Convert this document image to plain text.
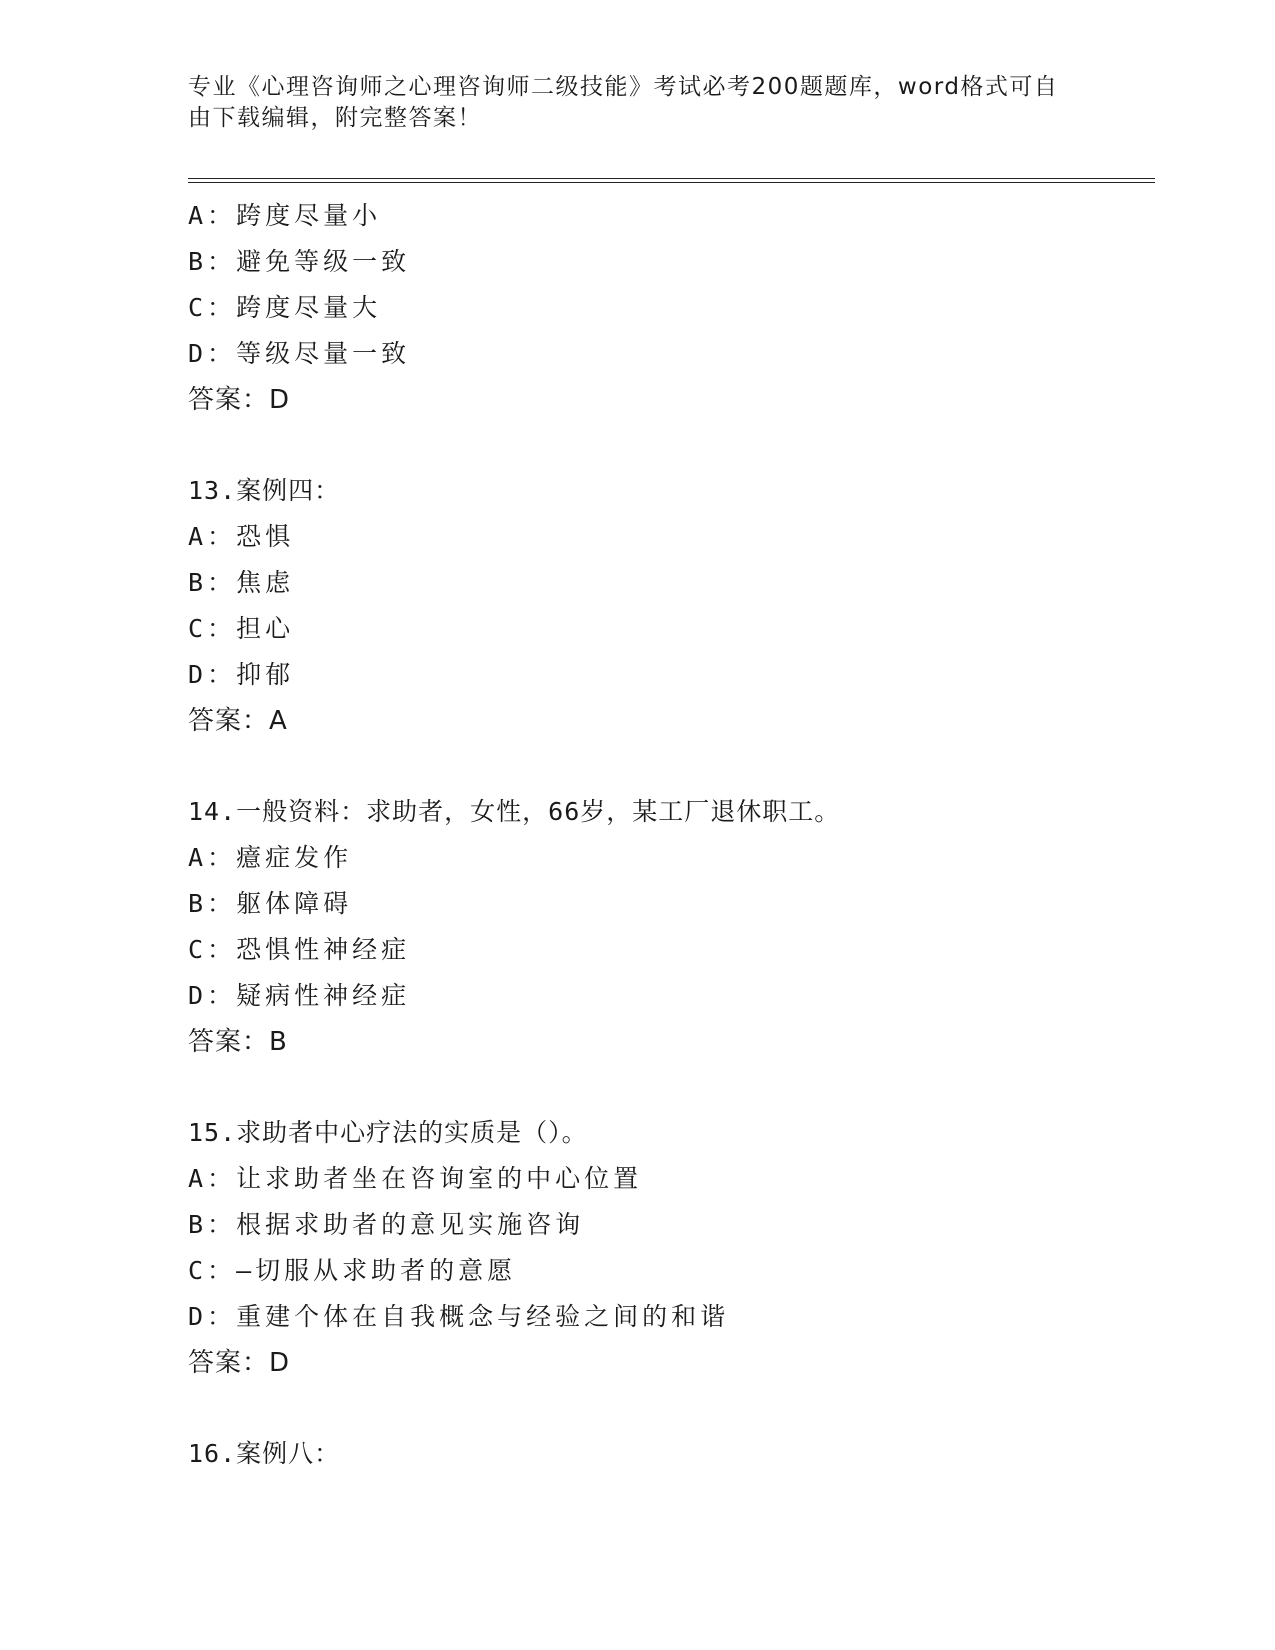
专业《心理咨询师之心理咨询师二级技能》考试必考200题题库，word格式可自由下载编辑，附完整答案！
A：跨度尽量小
B：避免等级一致
C：跨度尽量大
D：等级尽量一致
答案：D
13.案例四：
A：恐惧
B：焦虑
C：担心
D：抑郁
答案：A
14.一般资料：求助者，女性，66岁，某工厂退休职工。
A：癔症发作
B：躯体障碍
C：恐惧性神经症
D：疑病性神经症
答案：B
15.求助者中心疗法的实质是（）。
A：让求助者坐在咨询室的中心位置
B：根据求助者的意见实施咨询
C：—切服从求助者的意愿
D：重建个体在自我概念与经验之间的和谐
答案：D
16.案例八：
